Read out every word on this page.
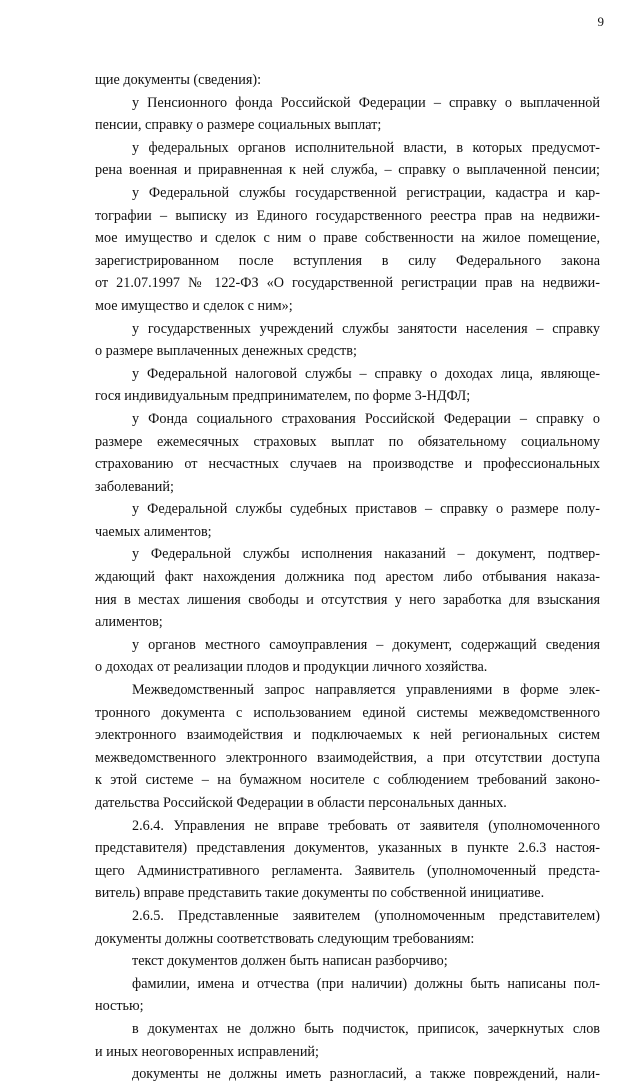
9
щие документы (сведения):
у Пенсионного фонда Российской Федерации – справку о выплаченной
пенсии, справку о размере социальных выплат;
у федеральных органов исполнительной власти, в которых предусмот-
рена военная и приравненная к ней служба, – справку о выплаченной пенсии;
у Федеральной службы государственной регистрации, кадастра и кар-
тографии – выписку из Единого государственного реестра прав на недвижи-
мое имущество и сделок с ним о праве собственности на жилое помещение,
зарегистрированном после вступления в силу Федерального закона
от 21.07.1997 № 122-ФЗ «О государственной регистрации прав на недвижи-
мое имущество и сделок с ним»;
у государственных учреждений службы занятости населения – справку
о размере выплаченных денежных средств;
у Федеральной налоговой службы – справку о доходах лица, являющe-
гося индивидуальным предпринимателем, по форме 3-НДФЛ;
у Фонда социального страхования Российской Федерации – справку о
размере ежемесячных страховых выплат по обязательному социальному
страхованию от несчастных случаев на производстве и профессиональных
заболеваний;
у Федеральной службы судебных приставов – справку о размере полу-
чаемых алиментов;
у Федеральной службы исполнения наказаний – документ, подтвер-
ждающий факт нахождения должника под арестом либо отбывания наказа-
ния в местах лишения свободы и отсутствия у него заработка для взыскания
алиментов;
у органов местного самоуправления – документ, содержащий сведения
о доходах от реализации плодов и продукции личного хозяйства.
Межведомственный запрос направляется управлениями в форме элек-
тронного документа с использованием единой системы межведомственного
электронного взаимодействия и подключаемых к ней региональных систем
межведомственного электронного взаимодействия, а при отсутствии доступа
к этой системе – на бумажном носителе с соблюдением требований законо-
дательства Российской Федерации в области персональных данных.
2.6.4. Управления не вправе требовать от заявителя (уполномоченного
представителя) представления документов, указанных в пункте 2.6.3 настоя-
щего Административного регламента. Заявитель (уполномоченный предста-
витель) вправе представить такие документы по собственной инициативе.
2.6.5. Представленные заявителем (уполномоченным представителем)
документы должны соответствовать следующим требованиям:
текст документов должен быть написан разборчиво;
фамилии, имена и отчества (при наличии) должны быть написаны пол-
ностью;
в документах не должно быть подчисток, приписок, зачеркнутых слов
и иных неоговоренных исправлений;
документы не должны иметь разногласий, а также повреждений, нали-
